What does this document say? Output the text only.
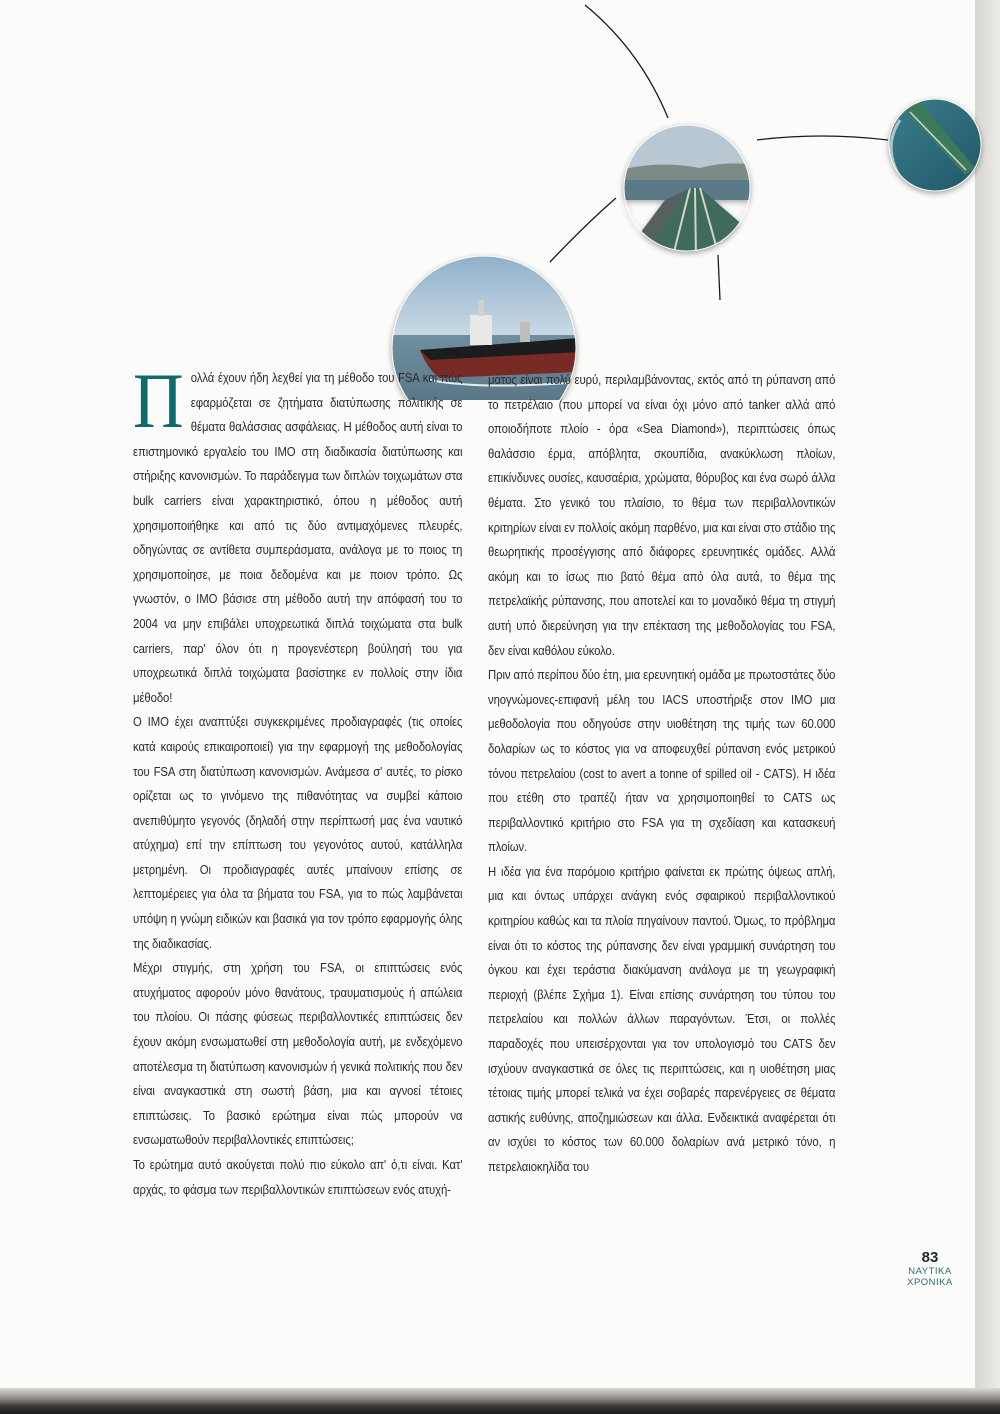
Π ολλά έχουν ήδη λεχθεί για τη μέθοδο του FSA και πώς εφαρμόζεται σε ζητήματα διατύπωσης πολιτικής σε θέματα θαλάσσιας ασφάλειας. Η μέθοδος αυτή είναι το επιστημονικό εργαλείο του IMO στη διαδικασία διατύπωσης και στήριξης κανονισμών. Το παράδειγμα των διπλών τοιχωμάτων στα bulk carriers είναι χαρακτηριστικό, όπου η μέθοδος αυτή χρησιμοποιήθηκε και από τις δύο αντιμαχόμενες πλευρές, οδηγώντας σε αντίθετα συμπεράσματα, ανάλογα με το ποιος τη χρησιμοποίησε, με ποια δεδομένα και με ποιον τρόπο. Ως γνωστόν, ο IMO βάσισε στη μέθοδο αυτή την απόφασή του το 2004 να μην επιβάλει υποχρεωτικά διπλά τοιχώματα στα bulk carriers, παρ' όλον ότι η προγενέστερη βούλησή του για υποχρεωτικά διπλά τοιχώματα βασίστηκε εν πολλοίς στην ίδια μέθοδο!

Ο IMO έχει αναπτύξει συγκεκριμένες προδιαγραφές (τις οποίες κατά καιρούς επικαιροποιεί) για την εφαρμογή της μεθοδολογίας του FSA στη διατύπωση κανονισμών. Ανάμεσα σ' αυτές, το ρίσκο ορίζεται ως το γινόμενο της πιθανότητας να συμβεί κάποιο ανεπιθύμητο γεγονός (δηλαδή στην περίπτωσή μας ένα ναυτικό ατύχημα) επί την επίπτωση του γεγονότος αυτού, κατάλληλα μετρημένη. Οι προδιαγραφές αυτές μπαίνουν επίσης σε λεπτομέρειες για όλα τα βήματα του FSA, για το πώς λαμβάνεται υπόψη η γνώμη ειδικών και βασικά για τον τρόπο εφαρμογής όλης της διαδικασίας.

Μέχρι στιγμής, στη χρήση του FSA, οι επιπτώσεις ενός ατυχήματος αφορούν μόνο θανάτους, τραυματισμούς ή απώλεια του πλοίου. Οι πάσης φύσεως περιβαλλοντικές επιπτώσεις δεν έχουν ακόμη ενσωματωθεί στη μεθοδολογία αυτή, με ενδεχόμενο αποτέλεσμα τη διατύπωση κανονισμών ή γενικά πολιτικής που δεν είναι αναγκαστικά στη σωστή βάση, μια και αγνοεί τέτοιες επιπτώσεις. Το βασικό ερώτημα είναι πώς μπορούν να ενσωματωθούν περιβαλλοντικές επιπτώσεις;

Το ερώτημα αυτό ακούγεται πολύ πιο εύκολο απ' ό,τι είναι. Κατ' αρχάς, το φάσμα των περιβαλλοντικών επιπτώσεων ενός ατυχή-

ματος είναι πολύ ευρύ, περιλαμβάνοντας, εκτός από τη ρύπανση από το πετρέλαιο (που μπορεί να είναι όχι μόνο από tanker αλλά από οποιοδήποτε πλοίο - όρα «Sea Diamond»), περιπτώσεις όπως θαλάσσιο έρμα, απόβλητα, σκουπίδια, ανακύκλωση πλοίων, επικίνδυνες ουσίες, καυσαέρια, χρώματα, θόρυβος και ένα σωρό άλλα θέματα. Στο γενικό του πλαίσιο, το θέμα των περιβαλλοντικών κριτηρίων είναι εν πολλοίς ακόμη παρθένο, μια και είναι στο στάδιο της θεωρητικής προσέγγισης από διάφορες ερευνητικές ομάδες. Αλλά ακόμη και το ίσως πιο βατό θέμα από όλα αυτά, το θέμα της πετρελαϊκής ρύπανσης, που αποτελεί και το μοναδικό θέμα τη στιγμή αυτή υπό διερεύνηση για την επέκταση της μεθοδολογίας του FSA, δεν είναι καθόλου εύκολο.

Πριν από περίπου δύο έτη, μια ερευνητική ομάδα με πρωτοστάτες δύο νηογνώμονες-επιφανή μέλη του IACS υποστήριξε στον IMO μια μεθοδολογία που οδηγούσε στην υιοθέτηση της τιμής των 60.000 δολαρίων ως το κόστος για να αποφευχθεί ρύπανση ενός μετρικού τόνου πετρελαίου (cost to avert a tonne of spilled oil - CATS). Η ιδέα που ετέθη στο τραπέζι ήταν να χρησιμοποιηθεί το CATS ως περιβαλλοντικό κριτήριο στο FSA για τη σχεδίαση και κατασκευή πλοίων.

Η ιδέα για ένα παρόμοιο κριτήριο φαίνεται εκ πρώτης όψεως απλή, μια και όντως υπάρχει ανάγκη ενός σφαιρικού περιβαλλοντικού κριτηρίου καθώς και τα πλοία πηγαίνουν παντού. Όμως, το πρόβλημα είναι ότι το κόστος της ρύπανσης δεν είναι γραμμική συνάρτηση του όγκου και έχει τεράστια διακύμανση ανάλογα με τη γεωγραφική περιοχή (βλέπε Σχήμα 1). Είναι επίσης συνάρτηση του τύπου του πετρελαίου και πολλών άλλων παραγόντων. Έτσι, οι πολλές παραδοχές που υπεισέρχονται για τον υπολογισμό του CATS δεν ισχύουν αναγκαστικά σε όλες τις περιπτώσεις, και η υιοθέτηση μιας τέτοιας τιμής μπορεί τελικά να έχει σοβαρές παρενέργειες σε θέματα αστικής ευθύνης, αποζημιώσεων και άλλα. Ενδεικτικά αναφέρεται ότι αν ισχύει το κόστος των 60.000 δολαρίων ανά μετρικό τόνο, η πετρελαιοκηλίδα του

83
ΝΑΥΤΙΚΑ
ΧΡΟΝΙΚΑ
